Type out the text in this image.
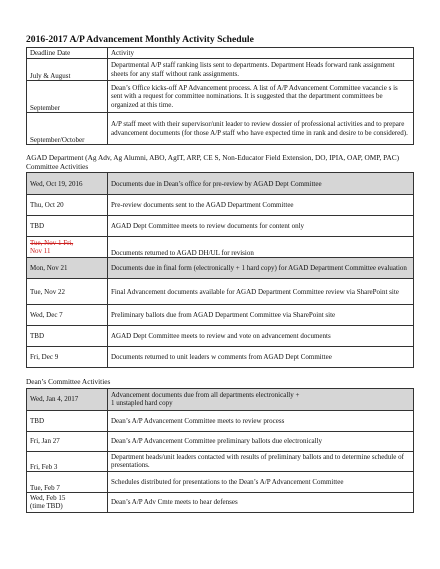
2016-2017 A/P Advancement Monthly Activity Schedule
Deadline Date	Activity
July & August	Departmental A/P staff ranking lists sent to departments. Department Heads forward rank assignment sheets for any staff without rank assignments.
September	Dean’s Office kicks-off AP Advancement process. A list of A/P Advancement Committee vacancie s is sent with a request for committee nominations. It is suggested that the department committees be organized at this time.
September/October	A/P staff meet with their supervisor/unit leader to review dossier of professional activities and to prepare advancement documents (for those A/P staff who have expected time in rank and desire to be considered).
AGAD Department (Ag Adv, Ag Alumni, ABO, AgIT, ARP, CE S, Non-Educator Field Extension, DO, IPIA, OAP, OMP, PAC) Committee Activities
Wed, Oct 19, 2016	Documents due in Dean’s office for pre-review by AGAD Dept Committee
Thu, Oct 20	Pre-review documents sent to the AGAD Department Committee
TBD	AGAD Dept Committee meets to review documents for content only
Tue, Nov 1 Fri,
Nov 11	Documents returned to AGAD DH/UL for revision
Mon, Nov 21	Documents due in final form (electronically + 1 hard copy) for AGAD Department Committee evaluation
Tue, Nov 22	Final Advancement documents available for AGAD Department Committee review via SharePoint site
Wed, Dec 7	Preliminary ballots due from AGAD Department Committee via SharePoint site
TBD	AGAD Dept Committee meets to review and vote on advancement documents
Fri, Dec 9	Documents returned to unit leaders w comments from AGAD Dept Committee
Dean’s Committee Activities
Wed, Jan 4, 2017	Advancement documents due from all departments electronically +
1 unstapled hard copy
TBD	Dean’s A/P Advancement Committee meets to review process
Fri, Jan 27	Dean’s A/P Advancement Committee preliminary ballots due electronically
Fri, Feb 3	Department heads/unit leaders contacted with results of preliminary ballots and to determine schedule of presentations.
Tue, Feb 7	Schedules distributed for presentations to the Dean’s A/P Advancement Committee
Wed, Feb 15
(time TBD)	Dean’s A/P Adv Cmte meets to hear defenses
